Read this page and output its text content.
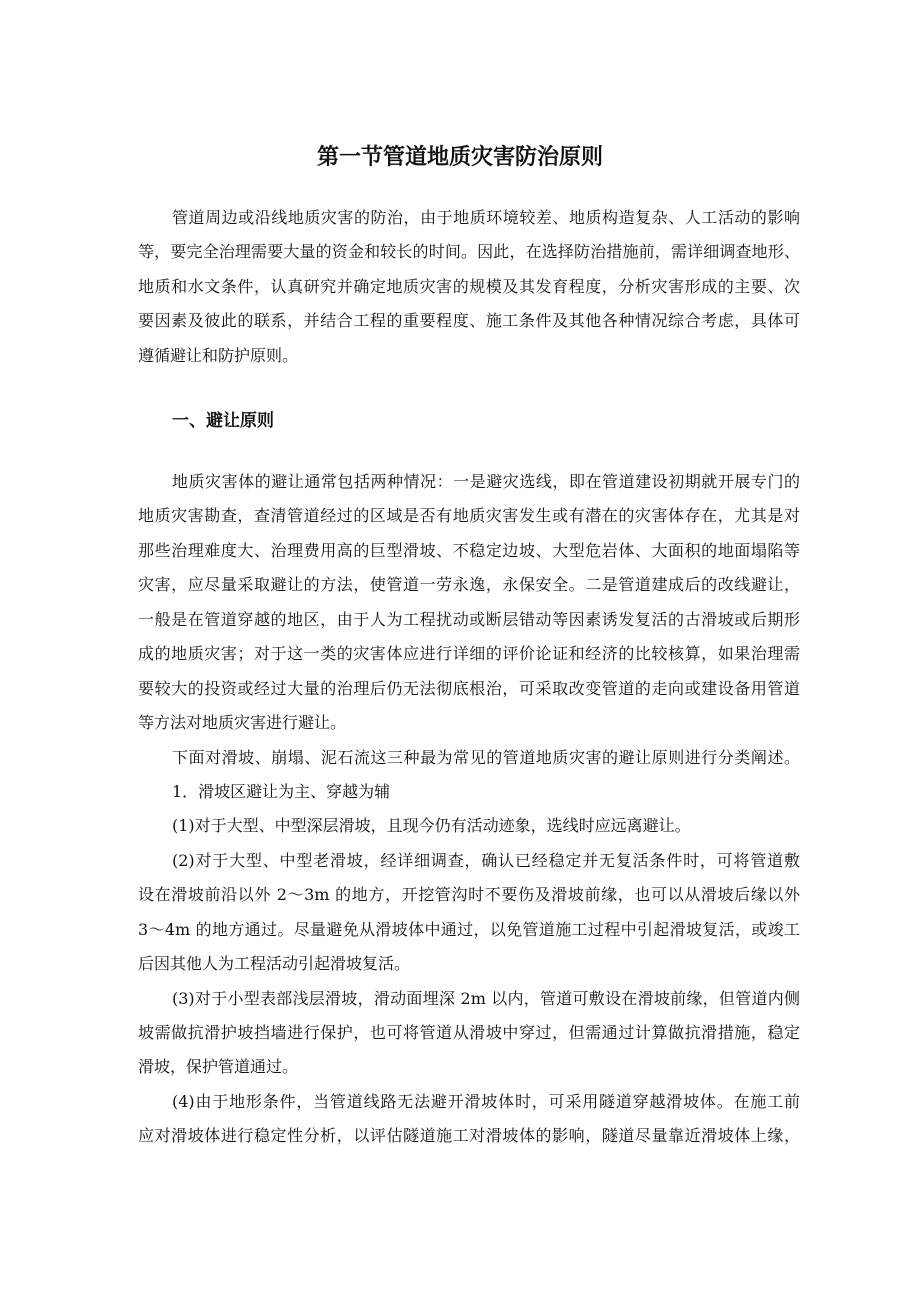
第一节管道地质灾害防治原则
管道周边或沿线地质灾害的防治，由于地质环境较差、地质构造复杂、人工活动的影响
等，要完全治理需要大量的资金和较长的时间。因此，在选择防治措施前，需详细调查地形、
地质和水文条件，认真研究并确定地质灾害的规模及其发育程度，分析灾害形成的主要、次
要因素及彼此的联系，并结合工程的重要程度、施工条件及其他各种情况综合考虑，具体可
遵循避让和防护原则。
一、避让原则
地质灾害体的避让通常包括两种情况：一是避灾选线，即在管道建设初期就开展专门的
地质灾害勘查，查清管道经过的区域是否有地质灾害发生或有潜在的灾害体存在，尤其是对
那些治理难度大、治理费用高的巨型滑坡、不稳定边坡、大型危岩体、大面积的地面塌陷等
灾害，应尽量采取避让的方法，使管道一劳永逸，永保安全。二是管道建成后的改线避让，
一般是在管道穿越的地区，由于人为工程扰动或断层错动等因素诱发复活的古滑坡或后期形
成的地质灾害；对于这一类的灾害体应进行详细的评价论证和经济的比较核算，如果治理需
要较大的投资或经过大量的治理后仍无法彻底根治，可采取改变管道的走向或建设备用管道
等方法对地质灾害进行避让。
下面对滑坡、崩塌、泥石流这三种最为常见的管道地质灾害的避让原则进行分类阐述。
1．滑坡区避让为主、穿越为辅
(1)对于大型、中型深层滑坡，且现今仍有活动迹象，选线时应远离避让。
(2)对于大型、中型老滑坡，经详细调查，确认已经稳定并无复活条件时，可将管道敷
设在滑坡前沿以外 2～3m 的地方，开挖管沟时不要伤及滑坡前缘，也可以从滑坡后缘以外
3～4m 的地方通过。尽量避免从滑坡体中通过，以免管道施工过程中引起滑坡复活，或竣工
后因其他人为工程活动引起滑坡复活。
(3)对于小型表部浅层滑坡，滑动面埋深 2m 以内，管道可敷设在滑坡前缘，但管道内侧
坡需做抗滑护坡挡墙进行保护，也可将管道从滑坡中穿过，但需通过计算做抗滑措施，稳定
滑坡，保护管道通过。
(4)由于地形条件，当管道线路无法避开滑坡体时，可采用隧道穿越滑坡体。在施工前
应对滑坡体进行稳定性分析，以评估隧道施工对滑坡体的影响，隧道尽量靠近滑坡体上缘，
